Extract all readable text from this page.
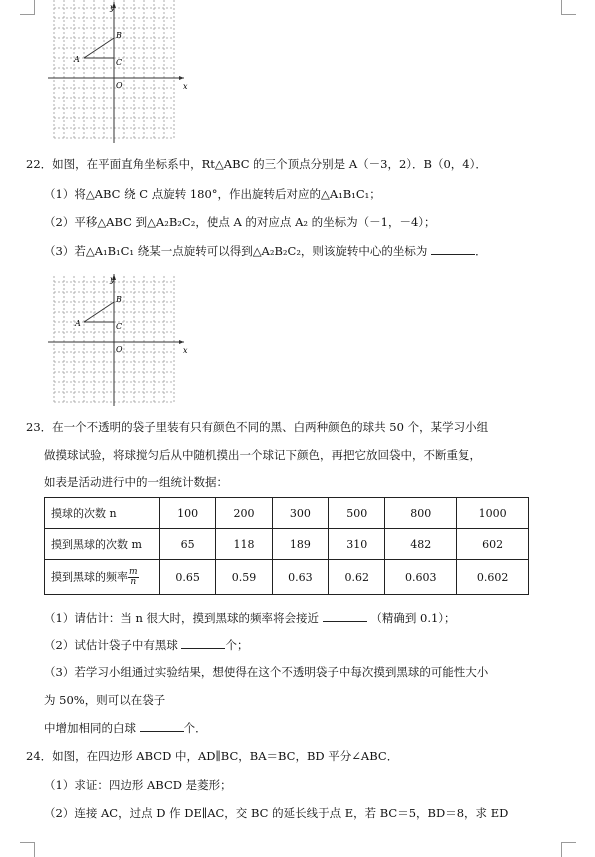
y
x
A
B
C
O
22．如图，在平面直角坐标系中，Rt△ABC 的三个顶点分别是 A（－3，2）．B（0，4）．
（1）将△ABC 绕 C 点旋转 180°，作出旋转后对应的△A₁B₁C₁；
（2）平移△ABC 到△A₂B₂C₂，使点 A 的对应点 A₂ 的坐标为（－1，－4）；
（3）若△A₁B₁C₁ 绕某一点旋转可以得到△A₂B₂C₂，则该旋转中心的坐标为	．
y
x
A
B
C
O
23．在一个不透明的袋子里装有只有颜色不同的黑、白两种颜色的球共 50 个，某学习小组
做摸球试验，将球搅匀后从中随机摸出一个球记下颜色，再把它放回袋中，不断重复，
如表是活动进行中的一组统计数据：
摸球的次数 n	100	200	300	500	800	1000
摸到黑球的次数 m	65	118	189	310	482	602
摸到黑球的频率 $\frac{m}{n}$	0.65	0.59	0.63	0.62	0.603	0.602
（1）请估计：当 n 很大时，摸到黑球的频率将会接近	（精确到 0.1）；
（2）试估计袋子中有黑球	个；
（3）若学习小组通过实验结果，想使得在这个不透明袋子中每次摸到黑球的可能性大小
为 50%，则可以在袋子
中增加相同的白球	个．
24．如图，在四边形 ABCD 中，AD∥BC，BA＝BC，BD 平分∠ABC．
（1）求证：四边形 ABCD 是菱形；
（2）连接 AC，过点 D 作 DE∥AC，交 BC 的延长线于点 E，若 BC＝5，BD＝8，求 ED
